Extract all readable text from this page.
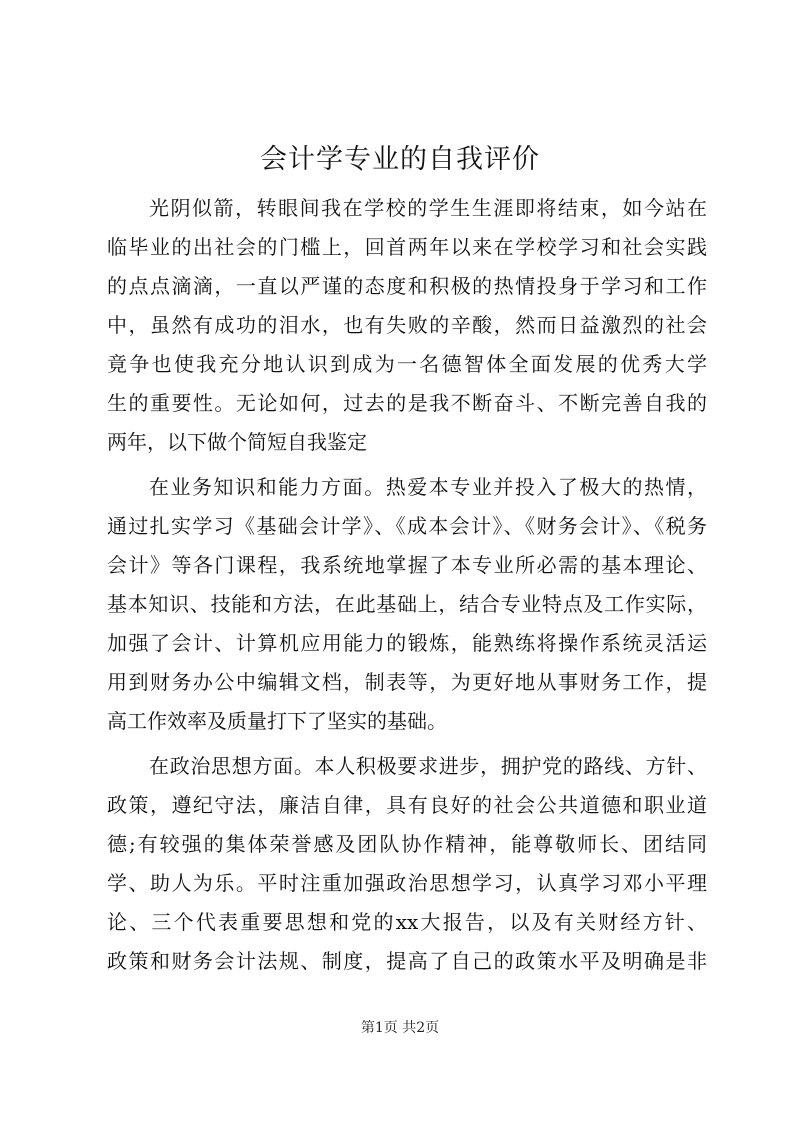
会计学专业的自我评价
光阴似箭，转眼间我在学校的学生生涯即将结束，如今站在
临毕业的出社会的门槛上，回首两年以来在学校学习和社会实践
的点点滴滴，一直以严谨的态度和积极的热情投身于学习和工作
中，虽然有成功的泪水，也有失败的辛酸，然而日益激烈的社会
竟争也使我充分地认识到成为一名德智体全面发展的优秀大学
生的重要性。无论如何，过去的是我不断奋斗、不断完善自我的
两年，以下做个简短自我鉴定
在业务知识和能力方面。热爱本专业并投入了极大的热情，
通过扎实学习《基础会计学》、《成本会计》、《财务会计》、《税务
会计》等各门课程，我系统地掌握了本专业所必需的基本理论、
基本知识、技能和方法，在此基础上，结合专业特点及工作实际，
加强了会计、计算机应用能力的锻炼，能熟练将操作系统灵活运
用到财务办公中编辑文档，制表等，为更好地从事财务工作，提
高工作效率及质量打下了坚实的基础。
在政治思想方面。本人积极要求进步，拥护党的路线、方针、
政策，遵纪守法，廉洁自律，具有良好的社会公共道德和职业道
德;有较强的集体荣誉感及团队协作精神，能尊敬师长、团结同
学、助人为乐。平时注重加强政治思想学习，认真学习邓小平理
论、三个代表重要思想和党的xx大报告，以及有关财经方针、
政策和财务会计法规、制度，提高了自己的政策水平及明确是非
第1页 共2页
